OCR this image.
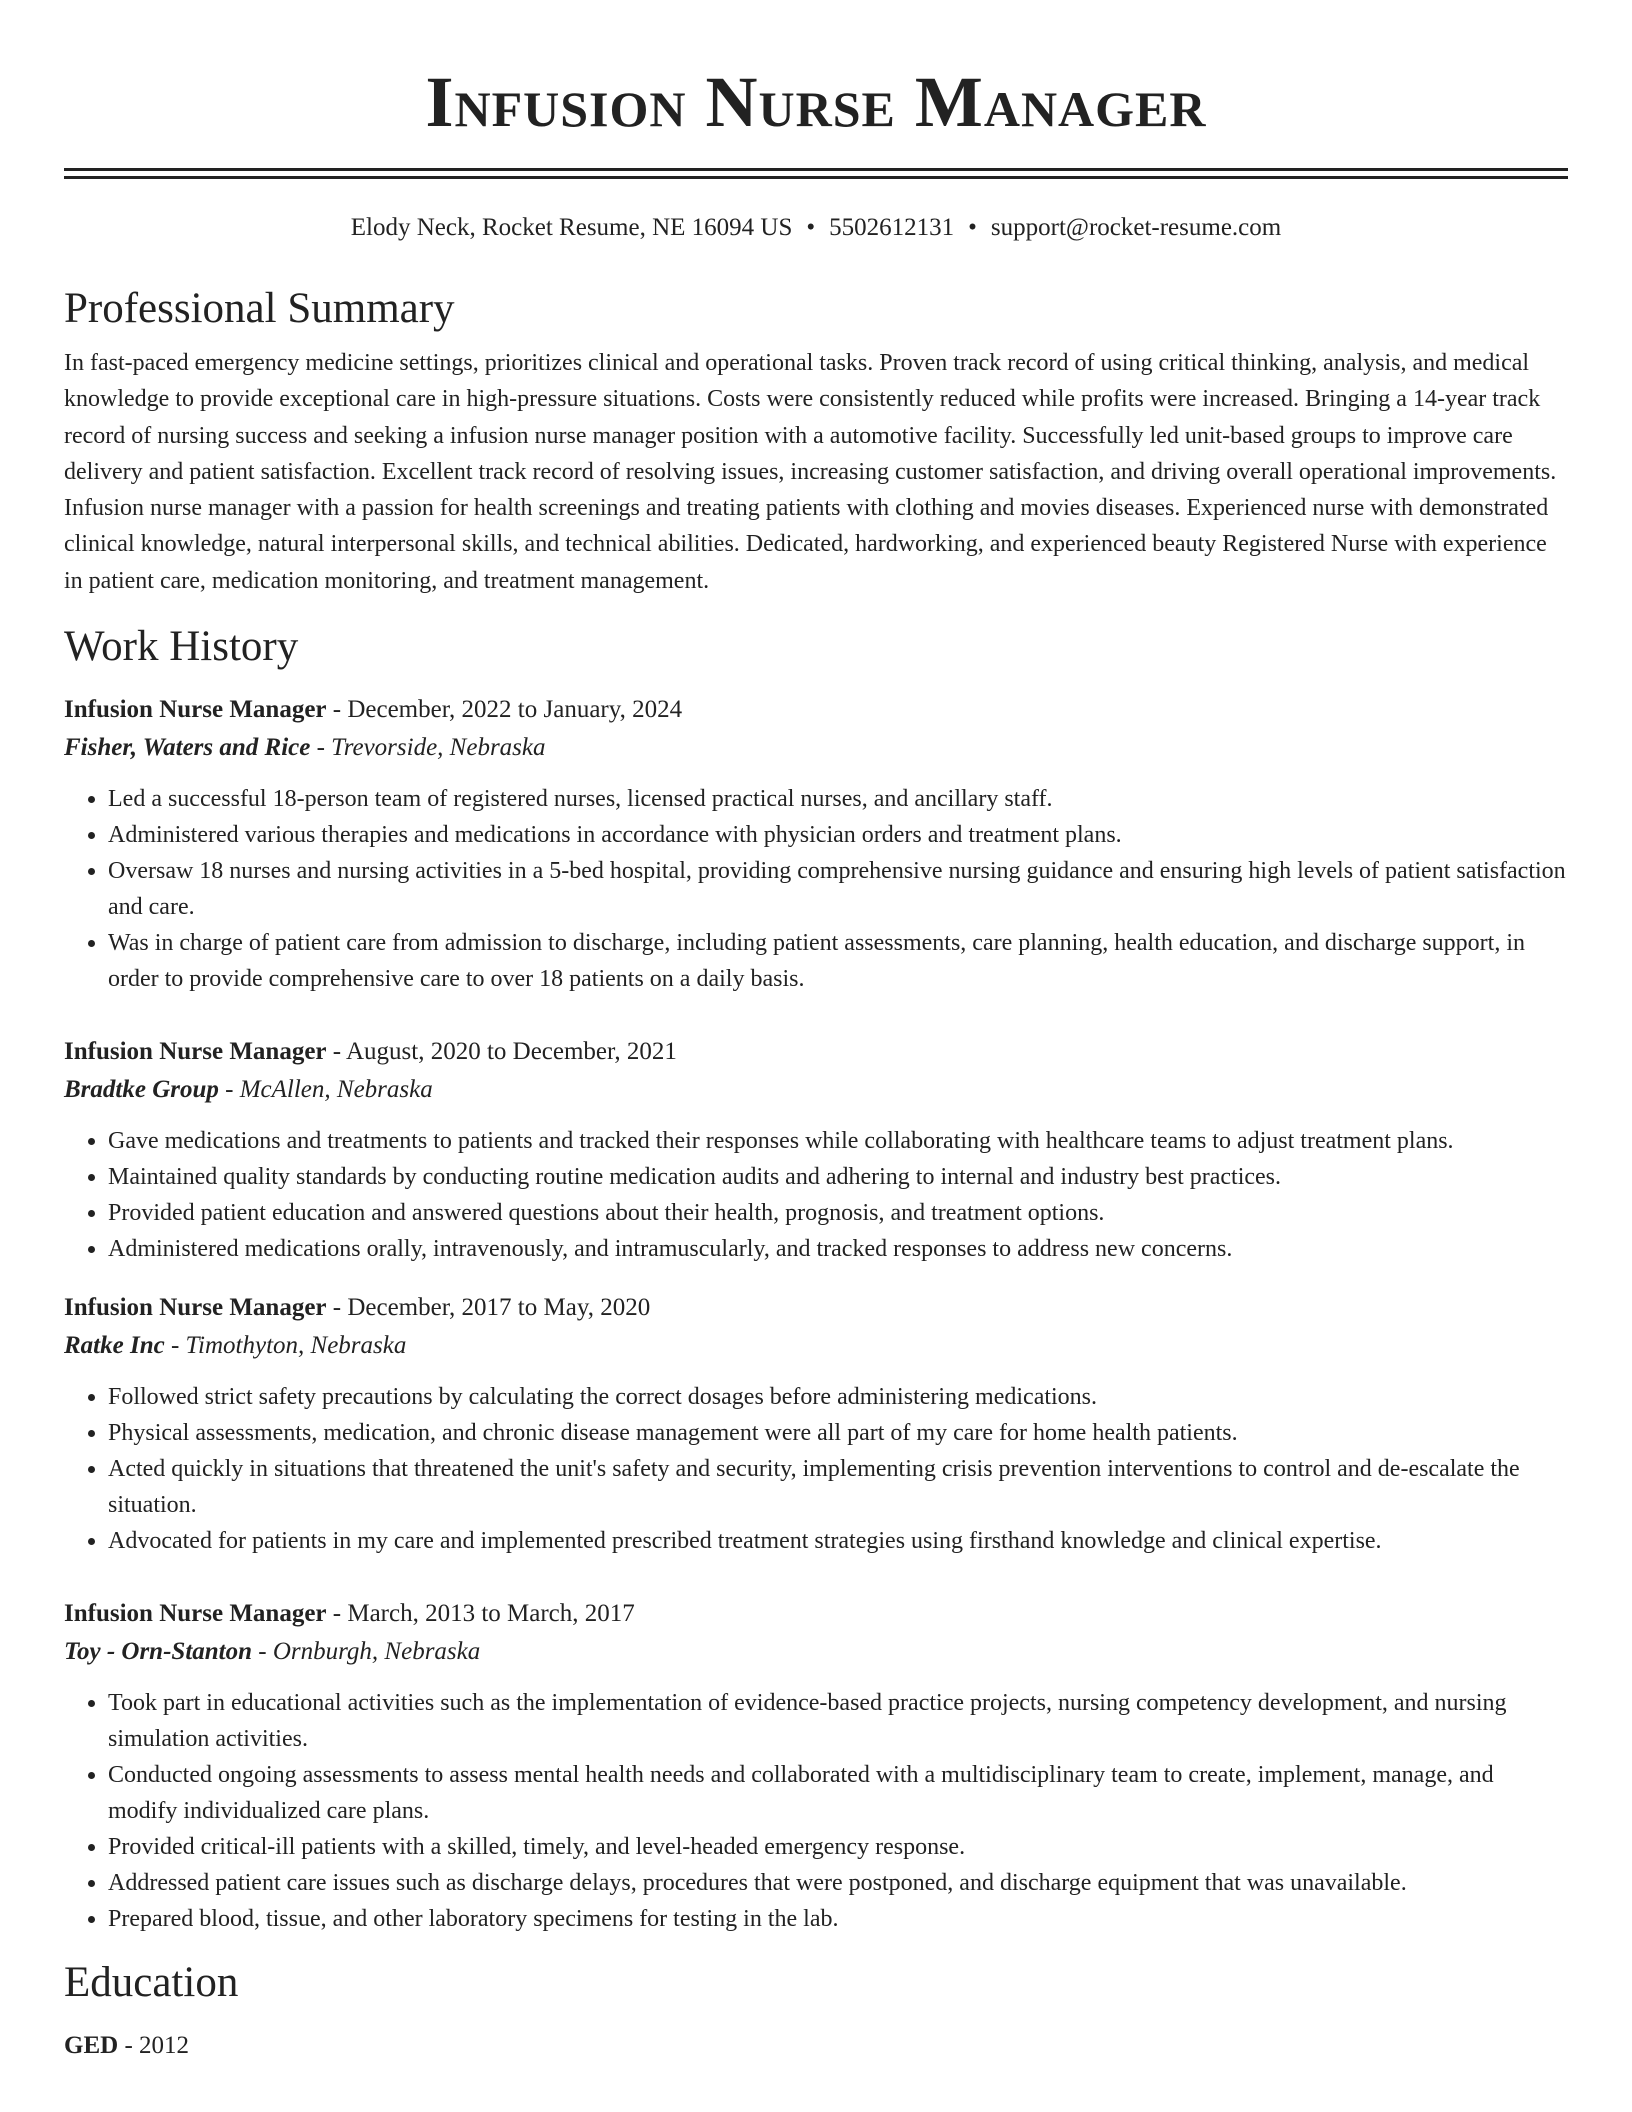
Infusion Nurse Manager
Elody Neck, Rocket Resume, NE 16094 US • 5502612131 • support@rocket-resume.com
Professional Summary
In fast-paced emergency medicine settings, prioritizes clinical and operational tasks. Proven track record of using critical thinking, analysis, and medical knowledge to provide exceptional care in high-pressure situations. Costs were consistently reduced while profits were increased. Bringing a 14-year track record of nursing success and seeking a infusion nurse manager position with a automotive facility. Successfully led unit-based groups to improve care delivery and patient satisfaction. Excellent track record of resolving issues, increasing customer satisfaction, and driving overall operational improvements. Infusion nurse manager with a passion for health screenings and treating patients with clothing and movies diseases. Experienced nurse with demonstrated clinical knowledge, natural interpersonal skills, and technical abilities. Dedicated, hardworking, and experienced beauty Registered Nurse with experience in patient care, medication monitoring, and treatment management.
Work History
Infusion Nurse Manager - December, 2022 to January, 2024
Fisher, Waters and Rice - Trevorside, Nebraska
• Led a successful 18-person team of registered nurses, licensed practical nurses, and ancillary staff.
• Administered various therapies and medications in accordance with physician orders and treatment plans.
• Oversaw 18 nurses and nursing activities in a 5-bed hospital, providing comprehensive nursing guidance and ensuring high levels of patient satisfaction and care.
• Was in charge of patient care from admission to discharge, including patient assessments, care planning, health education, and discharge support, in order to provide comprehensive care to over 18 patients on a daily basis.
Infusion Nurse Manager - August, 2020 to December, 2021
Bradtke Group - McAllen, Nebraska
• Gave medications and treatments to patients and tracked their responses while collaborating with healthcare teams to adjust treatment plans.
• Maintained quality standards by conducting routine medication audits and adhering to internal and industry best practices.
• Provided patient education and answered questions about their health, prognosis, and treatment options.
• Administered medications orally, intravenously, and intramuscularly, and tracked responses to address new concerns.
Infusion Nurse Manager - December, 2017 to May, 2020
Ratke Inc - Timothyton, Nebraska
• Followed strict safety precautions by calculating the correct dosages before administering medications.
• Physical assessments, medication, and chronic disease management were all part of my care for home health patients.
• Acted quickly in situations that threatened the unit's safety and security, implementing crisis prevention interventions to control and de-escalate the situation.
• Advocated for patients in my care and implemented prescribed treatment strategies using firsthand knowledge and clinical expertise.
Infusion Nurse Manager - March, 2013 to March, 2017
Toy - Orn-Stanton - Ornburgh, Nebraska
• Took part in educational activities such as the implementation of evidence-based practice projects, nursing competency development, and nursing simulation activities.
• Conducted ongoing assessments to assess mental health needs and collaborated with a multidisciplinary team to create, implement, manage, and modify individualized care plans.
• Provided critical-ill patients with a skilled, timely, and level-headed emergency response.
• Addressed patient care issues such as discharge delays, procedures that were postponed, and discharge equipment that was unavailable.
• Prepared blood, tissue, and other laboratory specimens for testing in the lab.
Education
GED - 2012
